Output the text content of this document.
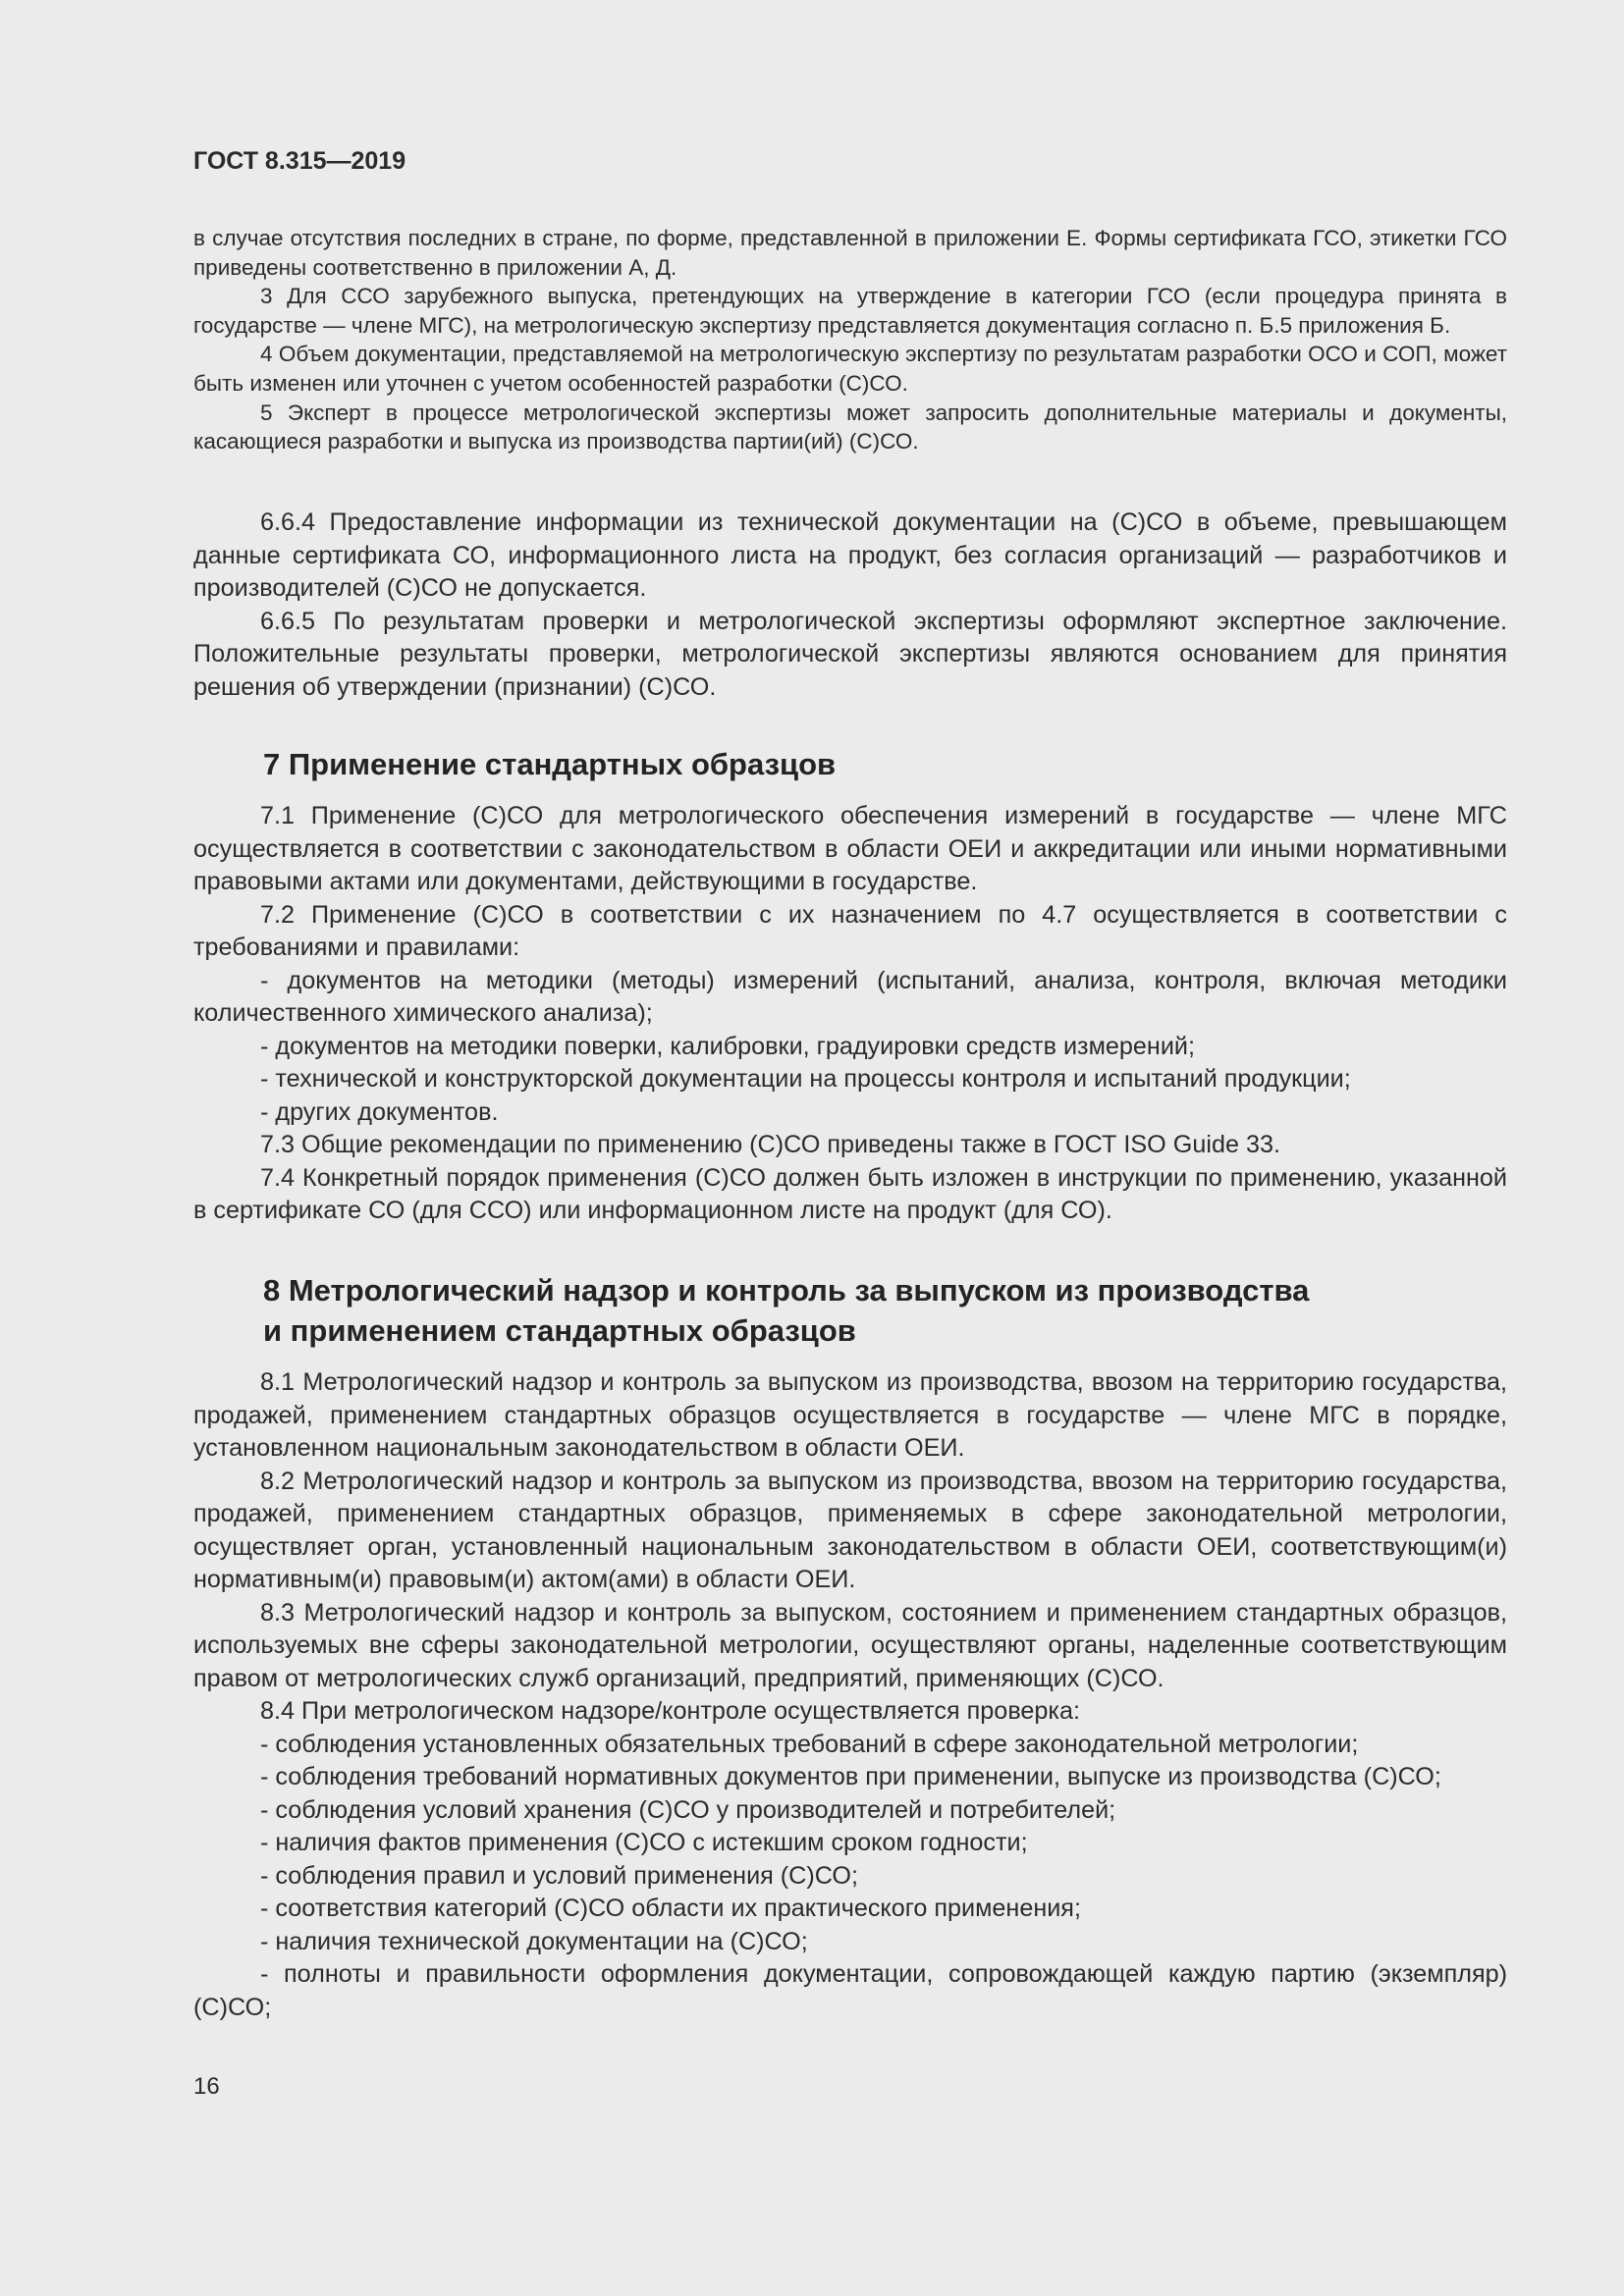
ГОСТ 8.315—2019

в случае отсутствия последних в стране, по форме, представленной в приложении Е. Формы сертификата ГСО, этикетки ГСО приведены соответственно в приложении А, Д.

3 Для ССО зарубежного выпуска, претендующих на утверждение в категории ГСО (если процедура принята в государстве — члене МГС), на метрологическую экспертизу представляется документация согласно п. Б.5 приложения Б.

4 Объем документации, представляемой на метрологическую экспертизу по результатам разработки ОСО и СОП, может быть изменен или уточнен с учетом особенностей разработки (С)СО.

5 Эксперт в процессе метрологической экспертизы может запросить дополнительные материалы и документы, касающиеся разработки и выпуска из производства партии(ий) (С)СО.

6.6.4 Предоставление информации из технической документации на (С)СО в объеме, превышающем данные сертификата СО, информационного листа на продукт, без согласия организаций — разработчиков и производителей (С)СО не допускается.

6.6.5 По результатам проверки и метрологической экспертизы оформляют экспертное заключение. Положительные результаты проверки, метрологической экспертизы являются основанием для принятия решения об утверждении (признании) (С)СО.

7 Применение стандартных образцов

7.1 Применение (С)СО для метрологического обеспечения измерений в государстве — члене МГС осуществляется в соответствии с законодательством в области ОЕИ и аккредитации или иными нормативными правовыми актами или документами, действующими в государстве.

7.2 Применение (С)СО в соответствии с их назначением по 4.7 осуществляется в соответствии с требованиями и правилами:

- документов на методики (методы) измерений (испытаний, анализа, контроля, включая методики количественного химического анализа);

- документов на методики поверки, калибровки, градуировки средств измерений;

- технической и конструкторской документации на процессы контроля и испытаний продукции;

- других документов.

7.3 Общие рекомендации по применению (С)СО приведены также в ГОСТ ISO Guide 33.

7.4 Конкретный порядок применения (С)СО должен быть изложен в инструкции по применению, указанной в сертификате СО (для ССО) или информационном листе на продукт (для СО).

8 Метрологический надзор и контроль за выпуском из производства
и применением стандартных образцов

8.1 Метрологический надзор и контроль за выпуском из производства, ввозом на территорию государства, продажей, применением стандартных образцов осуществляется в государстве — члене МГС в порядке, установленном национальным законодательством в области ОЕИ.

8.2 Метрологический надзор и контроль за выпуском из производства, ввозом на территорию государства, продажей, применением стандартных образцов, применяемых в сфере законодательной метрологии, осуществляет орган, установленный национальным законодательством в области ОЕИ, соответствующим(и) нормативным(и) правовым(и) актом(ами) в области ОЕИ.

8.3 Метрологический надзор и контроль за выпуском, состоянием и применением стандартных образцов, используемых вне сферы законодательной метрологии, осуществляют органы, наделенные соответствующим правом от метрологических служб организаций, предприятий, применяющих (С)СО.

8.4 При метрологическом надзоре/контроле осуществляется проверка:

- соблюдения установленных обязательных требований в сфере законодательной метрологии;

- соблюдения требований нормативных документов при применении, выпуске из производства (С)СО;

- соблюдения условий хранения (С)СО у производителей и потребителей;

- наличия фактов применения (С)СО с истекшим сроком годности;

- соблюдения правил и условий применения (С)СО;

- соответствия категорий (С)СО области их практического применения;

- наличия технической документации на (С)СО;

- полноты и правильности оформления документации, сопровождающей каждую партию (экземпляр) (С)СО;

16
